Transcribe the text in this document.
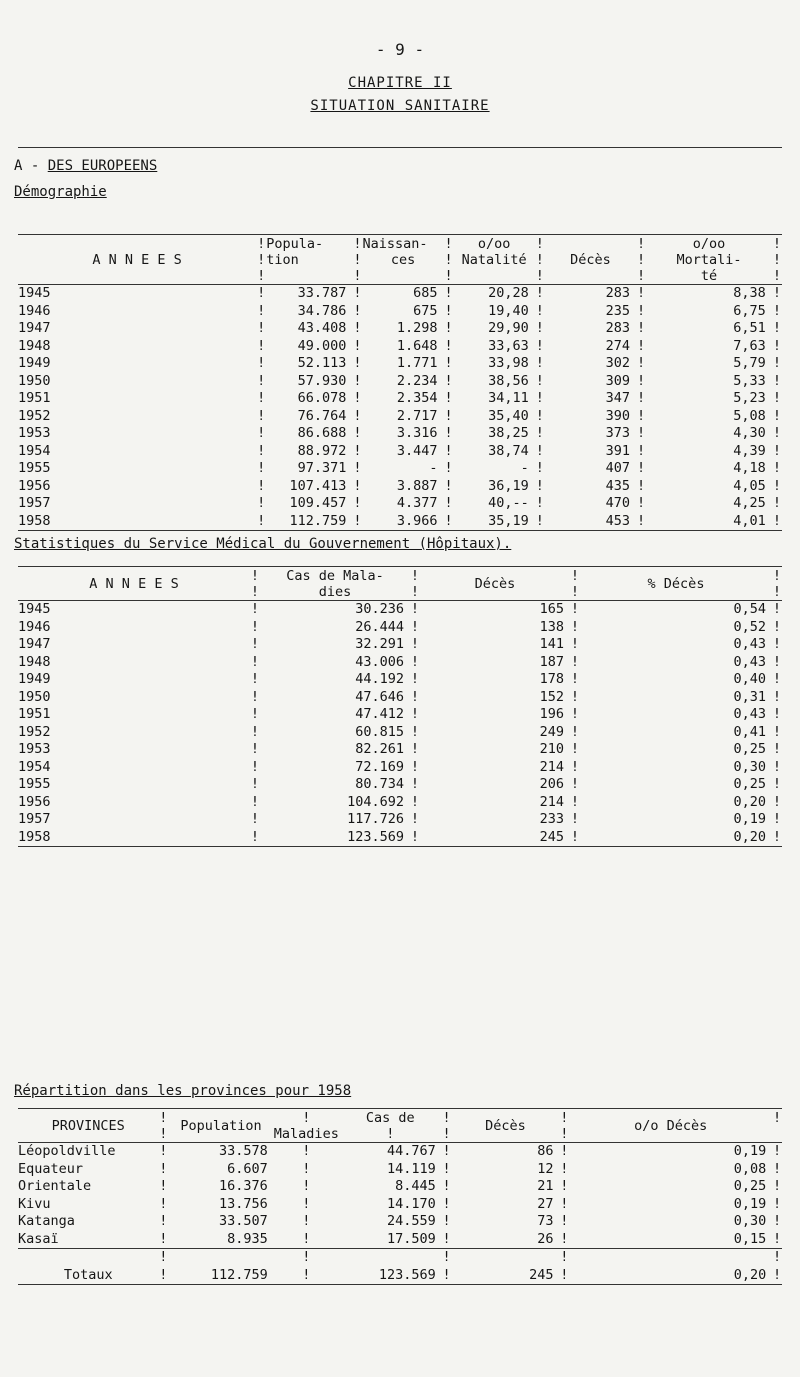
- 9 -
CHAPITRE II
SITUATION SANITAIRE
A - DES EUROPEENS
Démographie
A N N E E S	!	Popula-	!	Naissan-	!	o/oo	!		!	o/oo	!
	!	tion	!	ces	!	Natalité	!	Décès	!	Mortali-	!
	!		!		!		!		!	té	!
1945	!	33.787	!	685	!	20,28	!	283	!	8,38	!
1946	!	34.786	!	675	!	19,40	!	235	!	6,75	!
1947	!	43.408	!	1.298	!	29,90	!	283	!	6,51	!
1948	!	49.000	!	1.648	!	33,63	!	274	!	7,63	!
1949	!	52.113	!	1.771	!	33,98	!	302	!	5,79	!
1950	!	57.930	!	2.234	!	38,56	!	309	!	5,33	!
1951	!	66.078	!	2.354	!	34,11	!	347	!	5,23	!
1952	!	76.764	!	2.717	!	35,40	!	390	!	5,08	!
1953	!	86.688	!	3.316	!	38,25	!	373	!	4,30	!
1954	!	88.972	!	3.447	!	38,74	!	391	!	4,39	!
1955	!	97.371	!	-	!	-	!	407	!	4,18	!
1956	!	107.413	!	3.887	!	36,19	!	435	!	4,05	!
1957	!	109.457	!	4.377	!	40,--	!	470	!	4,25	!
1958	!	112.759	!	3.966	!	35,19	!	453	!	4,01	!
Statistiques du Service Médical du Gouvernement (Hôpitaux).
A N N E E S	!	Cas de Mala-	!	Décès	!	% Décès	!
	!	dies	!		!		!
1945	!	30.236	!	165	!	0,54	!
1946	!	26.444	!	138	!	0,52	!
1947	!	32.291	!	141	!	0,43	!
1948	!	43.006	!	187	!	0,43	!
1949	!	44.192	!	178	!	0,40	!
1950	!	47.646	!	152	!	0,31	!
1951	!	47.412	!	196	!	0,43	!
1952	!	60.815	!	249	!	0,41	!
1953	!	82.261	!	210	!	0,25	!
1954	!	72.169	!	214	!	0,30	!
1955	!	80.734	!	206	!	0,25	!
1956	!	104.692	!	214	!	0,20	!
1957	!	117.726	!	233	!	0,19	!
1958	!	123.569	!	245	!	0,20	!
Répartition dans les provinces pour 1958
PROVINCES	!	Population	!	Cas de	!	Décès	!	o/o Décès	!
	!		Maladies	!	!		!		
Léopoldville	!	33.578	!	44.767	!	86	!	0,19	!
Equateur	!	6.607	!	14.119	!	12	!	0,08	!
Orientale	!	16.376	!	8.445	!	21	!	0,25	!
Kivu	!	13.756	!	14.170	!	27	!	0,19	!
Katanga	!	33.507	!	24.559	!	73	!	0,30	!
Kasaï	!	8.935	!	17.509	!	26	!	0,15	!
	!		!		!		!		!
Totaux	!	112.759	!	123.569	!	245	!	0,20	!
